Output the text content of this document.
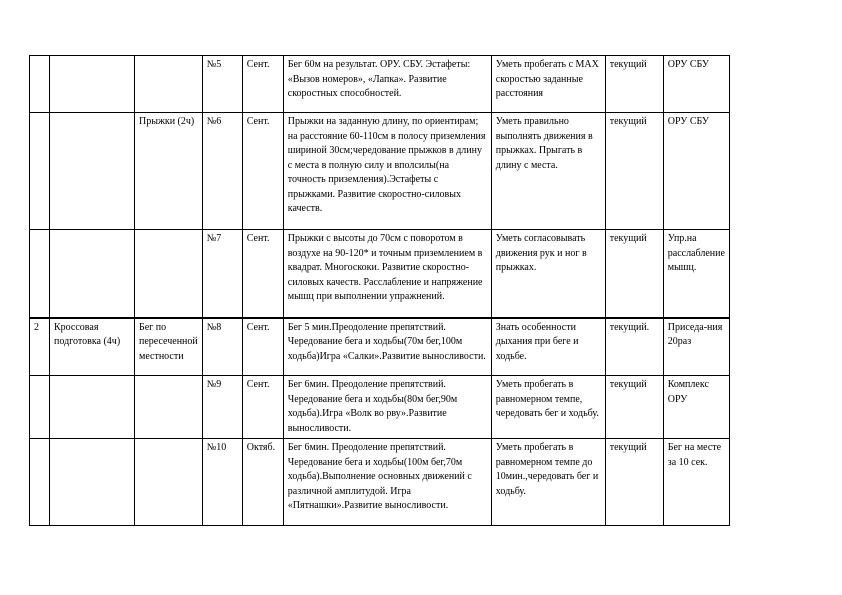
			№5	Сент.	Бег 60м на результат. ОРУ. СБУ. Эстафеты: «Вызов номеров», «Лапка». Развитие скоростных способностей.	Уметь пробегать с MAX скоростью заданные расстояния	текущий	ОРУ СБУ
		Прыжки (2ч)	№6	Сент.	Прыжки на заданную длину, по ориентирам; на расстояние 60-110см в полосу приземления шириной 30см;чередование прыжков в длину с места в полную силу и вполсилы(на точность приземления).Эстафеты с прыжками. Развитие скоростно-силовых качеств.	Уметь правильно выполнять движения в прыжках. Прыгать в длину с места.	текущий	ОРУ СБУ
			№7	Сент.	Прыжки с высоты до 70см с поворотом в воздухе на 90-120* и точным приземлением в квадрат. Многоскоки. Развитие скоростно-силовых качеств. Расслабление и напряжение мышц при выполнении упражнений.	Уметь согласовывать движения рук и ног в прыжках.	текущий	Упр.на расслабление мышц.
2	Кроссовая подготовка (4ч)	Бег по пересеченной местности	№8	Сент.	Бег 5 мин.Преодоление препятствий. Чередование бега и ходьбы(70м бег,100м ходьба)Игра «Салки».Развитие выносливости.	Знать особенности дыхания при беге и ходьбе.	текущий.	Приседа-ния 20раз
			№9	Сент.	Бег 6мин. Преодоление препятствий. Чередование бега и ходьбы(80м бег,90м ходьба).Игра «Волк во рву».Развитие выносливости.	Уметь пробегать в равномерном темпе, чередовать бег и ходьбу.	текущий	Комплекс ОРУ
			№10	Октяб.	Бег 6мин. Преодоление препятствий. Чередование бега и ходьбы(100м бег,70м ходьба).Выполнение основных движений с различной амплитудой. Игра «Пятнашки».Развитие выносливости.	Уметь пробегать в равномерном темпе до 10мин.,чередовать бег и ходьбу.	текущий	Бег на месте за 10 сек.
